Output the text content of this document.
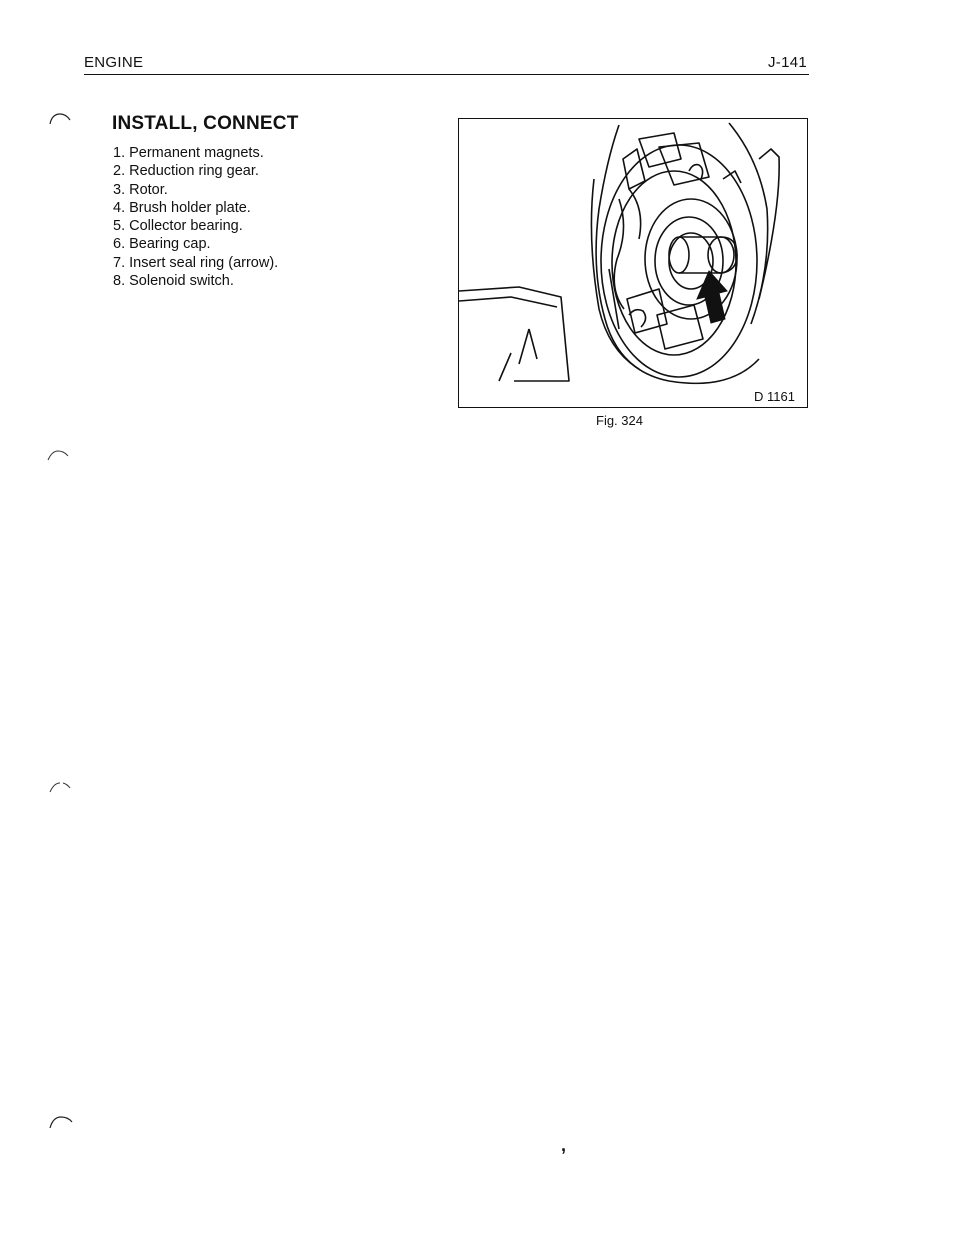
ENGINE	J-141
INSTALL, CONNECT
1. Permanent magnets.
2. Reduction ring gear.
3. Rotor.
4. Brush holder plate.
5. Collector bearing.
6. Bearing cap.
7. Insert seal ring (arrow).
8. Solenoid switch.
D 1161
Fig. 324
,
